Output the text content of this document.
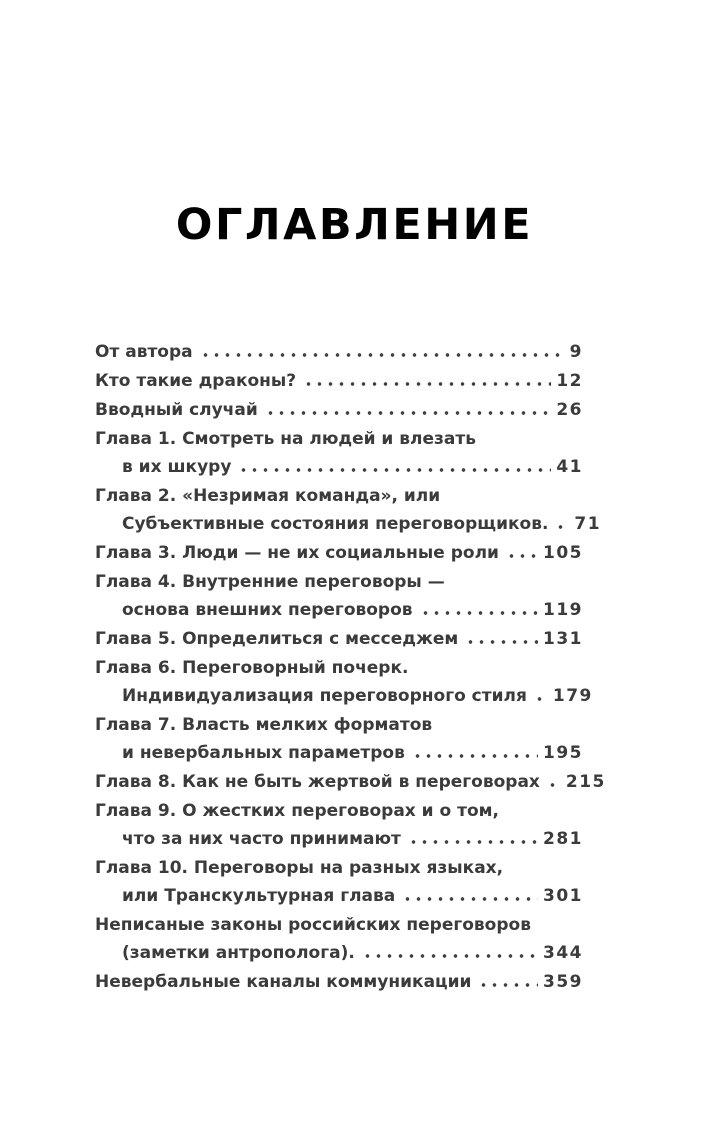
ОГЛАВЛЕНИЕ
От автора	9
Кто такие драконы?	12
Вводный случай	26
Глава 1. Смотреть на людей и влезать
в их шкуру	41
Глава 2. «Незримая команда», или
Субъективные состояния переговорщиков. 71
Глава 3. Люди — не их социальные роли	105
Глава 4. Внутренние переговоры —
основа внешних переговоров	119
Глава 5. Определиться с месседжем	131
Глава 6. Переговорный почерк.
Индивидуализация переговорного стиля 179
Глава 7. Власть мелких форматов
и невербальных параметров	195
Глава 8. Как не быть жертвой в переговорах 215
Глава 9. О жестких переговорах и о том,
что за них часто принимают	281
Глава 10. Переговоры на разных языках,
или Транскультурная глава	301
Неписаные законы российских переговоров
(заметки антрополога).	344
Невербальные каналы коммуникации	359
